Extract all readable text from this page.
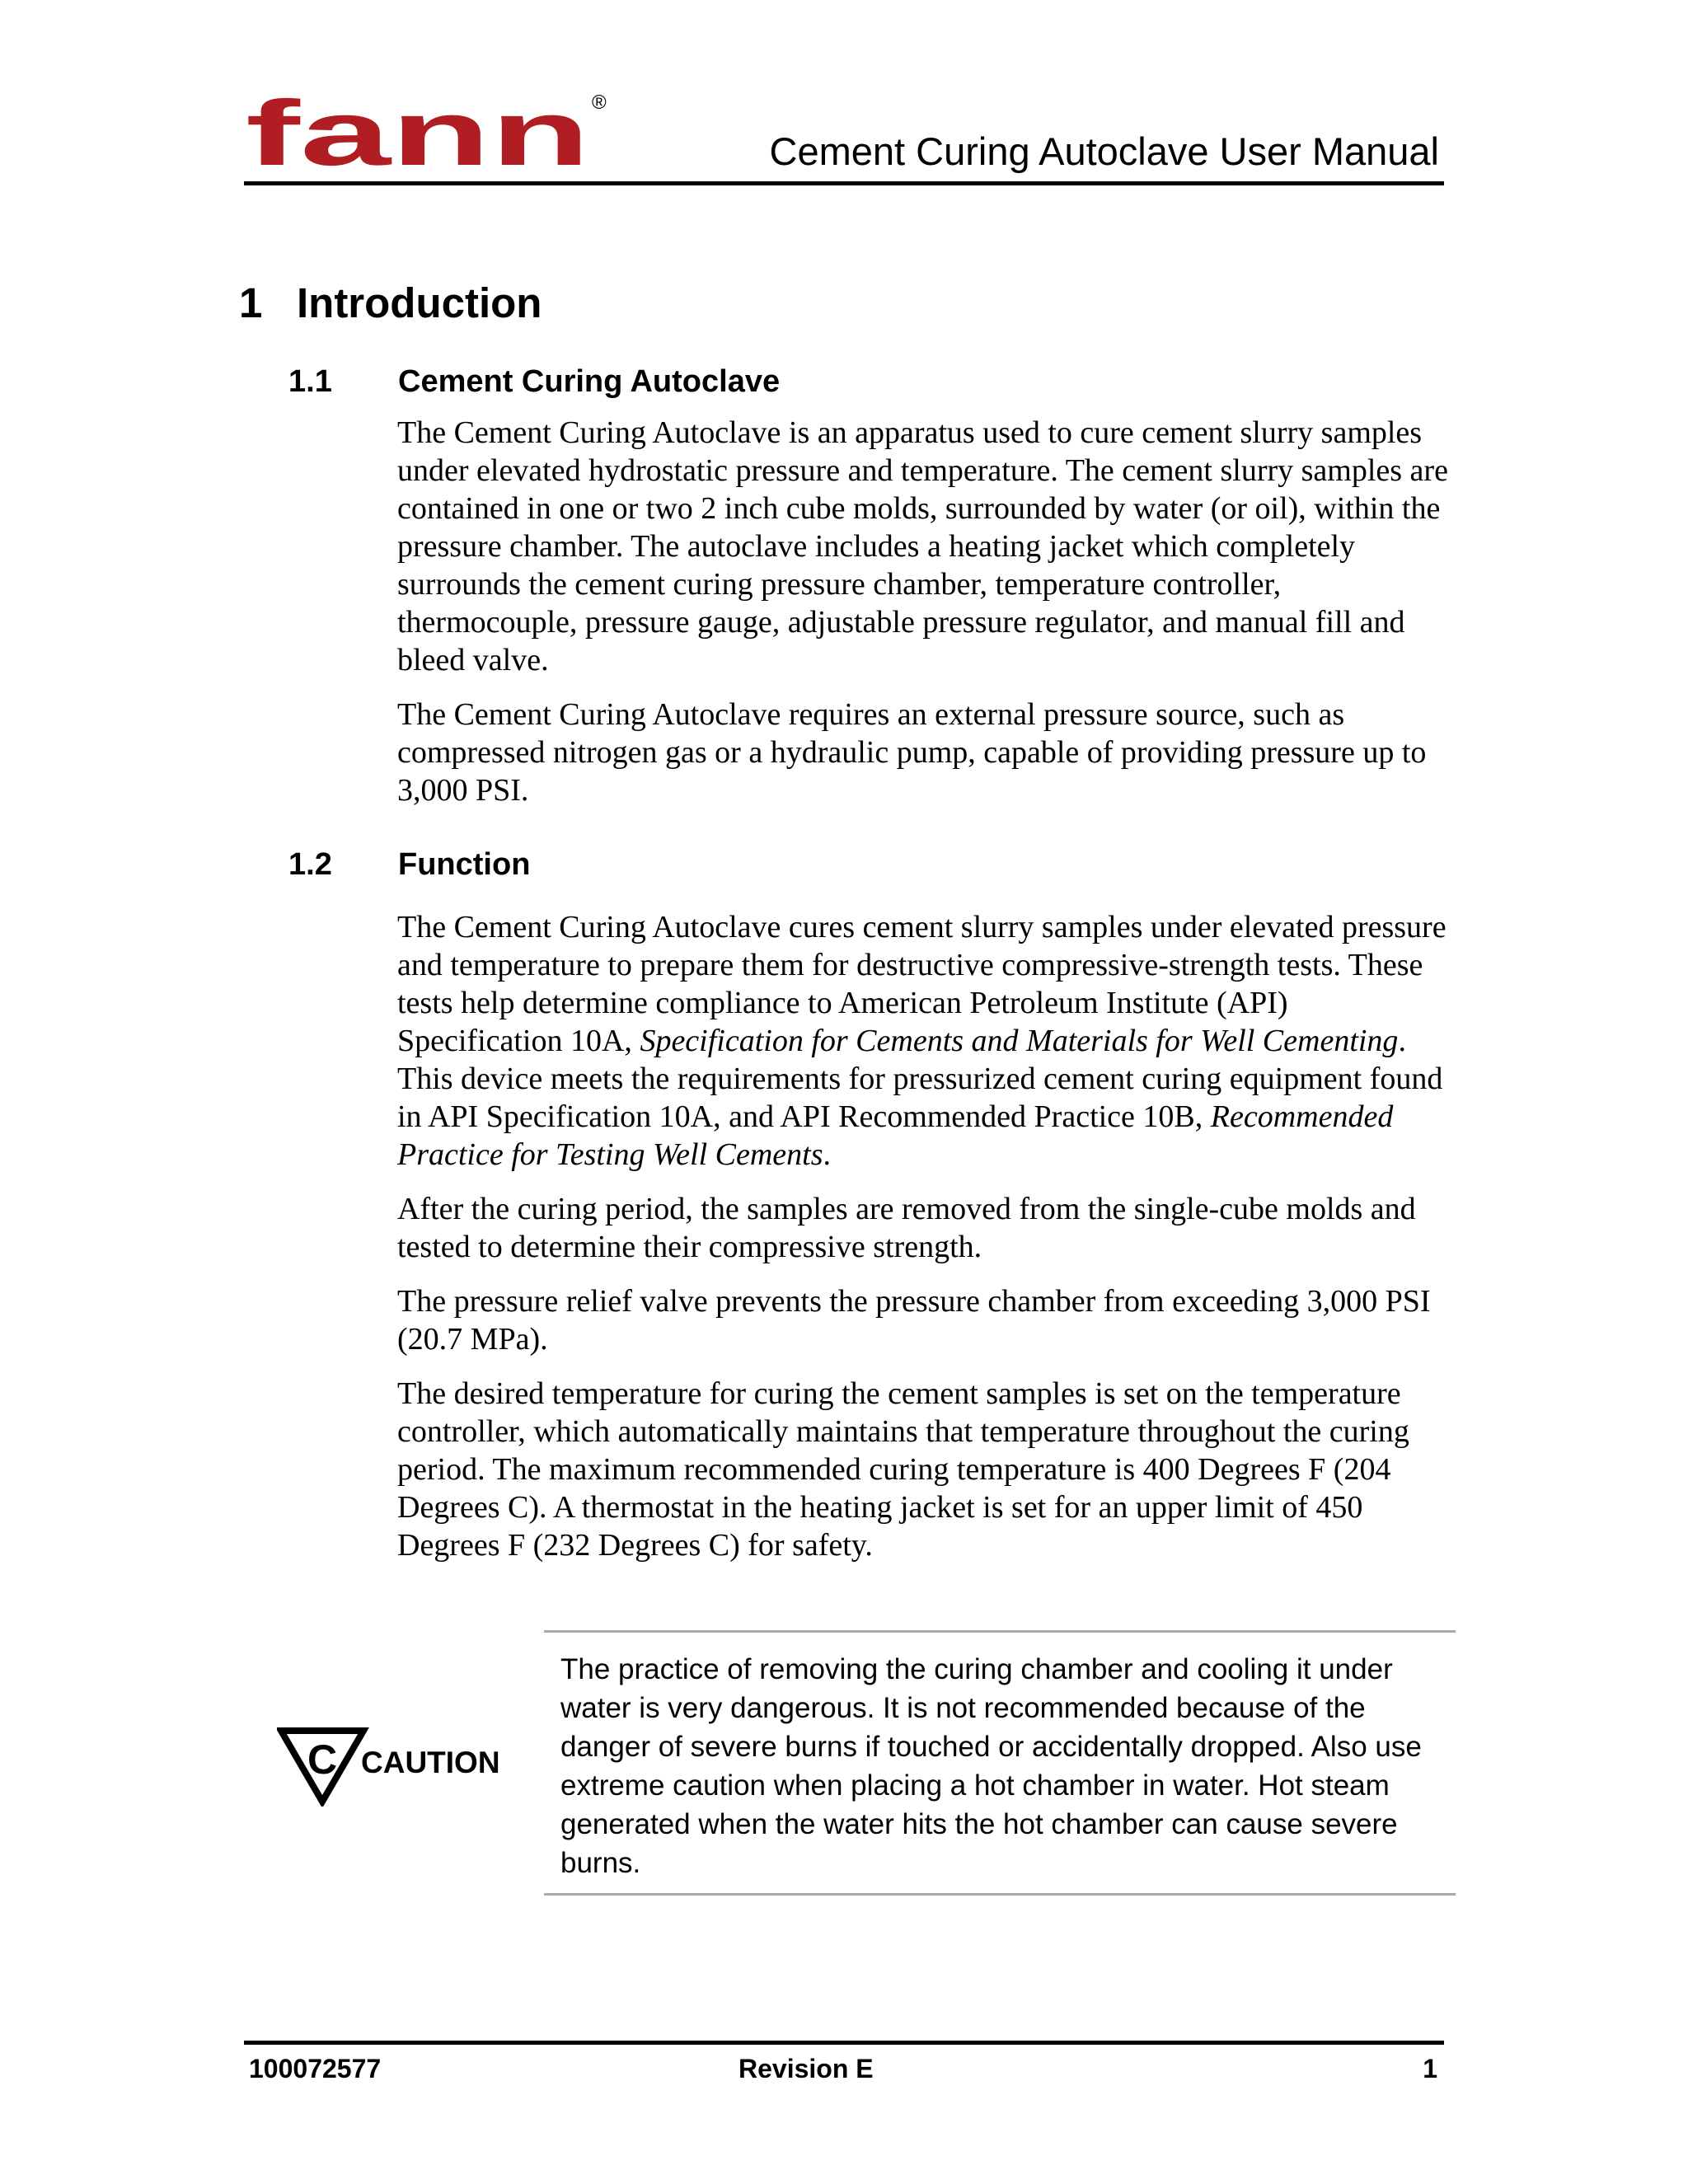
fann ®
Cement Curing Autoclave User Manual
1 Introduction
1.1 Cement Curing Autoclave
1.2 Function

The Cement Curing Autoclave is an apparatus used to cure cement slurry samples under elevated hydrostatic pressure and temperature. The cement slurry samples are contained in one or two 2 inch cube molds, surrounded by water (or oil), within the pressure chamber. The autoclave includes a heating jacket which completely surrounds the cement curing pressure chamber, temperature controller, thermocouple, pressure gauge, adjustable pressure regulator, and manual fill and bleed valve.

The Cement Curing Autoclave requires an external pressure source, such as compressed nitrogen gas or a hydraulic pump, capable of providing pressure up to 3,000 PSI.

The Cement Curing Autoclave cures cement slurry samples under elevated pressure and temperature to prepare them for destructive compressive-strength tests. These tests help determine compliance to American Petroleum Institute (API) Specification 10A, Specification for Cements and Materials for Well Cementing. This device meets the requirements for pressurized cement curing equipment found in API Specification 10A, and API Recommended Practice 10B, Recommended Practice for Testing Well Cements.

After the curing period, the samples are removed from the single-cube molds and tested to determine their compressive strength.

The pressure relief valve prevents the pressure chamber from exceeding 3,000 PSI (20.7 MPa).

The desired temperature for curing the cement samples is set on the temperature controller, which automatically maintains that temperature throughout the curing period. The maximum recommended curing temperature is 400 Degrees F (204 Degrees C). A thermostat in the heating jacket is set for an upper limit of 450 Degrees F (232 Degrees C) for safety.

C CAUTION
The practice of removing the curing chamber and cooling it under water is very dangerous. It is not recommended because of the danger of severe burns if touched or accidentally dropped. Also use extreme caution when placing a hot chamber in water. Hot steam generated when the water hits the hot chamber can cause severe burns.
100072577	Revision E	1
